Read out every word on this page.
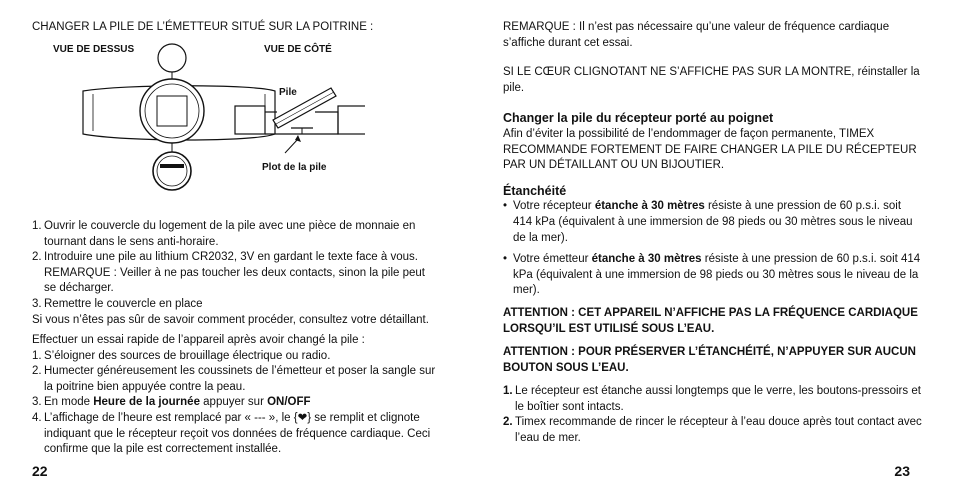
CHANGER LA PILE DE L’ÉMETTEUR SITUÉ SUR LA POITRINE :

VUE DE DESSUS	VUE DE CÔTÉ
Pile
Plot de la pile
1. Ouvrir le couvercle du logement de la pile avec une pièce de monnaie en tournant dans le sens anti-horaire.
2. Introduire une pile au lithium CR2032, 3V en gardant le texte face à vous.
REMARQUE : Veiller à ne pas toucher les deux contacts, sinon la pile peut se décharger.
3. Remettre le couvercle en place

Si vous n’êtes pas sûr de savoir comment procéder, consultez votre détaillant.

Effectuer un essai rapide de l’appareil après avoir changé la pile :

1. S’éloigner des sources de brouillage électrique ou radio.
2. Humecter généreusement les coussinets de l’émetteur et poser la sangle sur la poitrine bien appuyée contre la peau.
3. En mode Heure de la journée appuyer sur ON/OFF
4. L’affichage de l’heure est remplacé par « --- », le {❤} se remplit et clignote indiquant que le récepteur reçoit vos données de fréquence cardiaque. Ceci confirme que la pile est correctement installée.
22

REMARQUE : Il n’est pas nécessaire qu’une valeur de fréquence cardiaque s’affiche durant cet essai.

SI LE CŒUR CLIGNOTANT NE S’AFFICHE PAS SUR LA MONTRE, réinstaller la pile.

Changer la pile du récepteur porté au poignet

Afin d’éviter la possibilité de l’endommager de façon permanente, TIMEX RECOMMANDE FORTEMENT DE FAIRE CHANGER LA PILE DU RÉCEPTEUR PAR UN DÉTAILLANT OU UN BIJOUTIER.

Étanchéité

• Votre récepteur étanche à 30 mètres résiste à une pression de 60 p.s.i. soit 414 kPa (équivalent à une immersion de 98 pieds ou 30 mètres sous le niveau de la mer).
• Votre émetteur étanche à 30 mètres résiste à une pression de 60 p.s.i. soit 414 kPa (équivalent à une immersion de 98 pieds ou 30 mètres sous le niveau de la mer).

ATTENTION : CET APPAREIL N’AFFICHE PAS LA FRÉQUENCE CARDIAQUE LORSQU’IL EST UTILISÉ SOUS L’EAU.

ATTENTION : POUR PRÉSERVER L’ÉTANCHÉITÉ, N’APPUYER SUR AUCUN BOUTON SOUS L’EAU.

1. Le récepteur est étanche aussi longtemps que le verre, les boutons-pressoirs et le boîtier sont intacts.
2. Timex recommande de rincer le récepteur à l’eau douce après tout contact avec l’eau de mer.
23
